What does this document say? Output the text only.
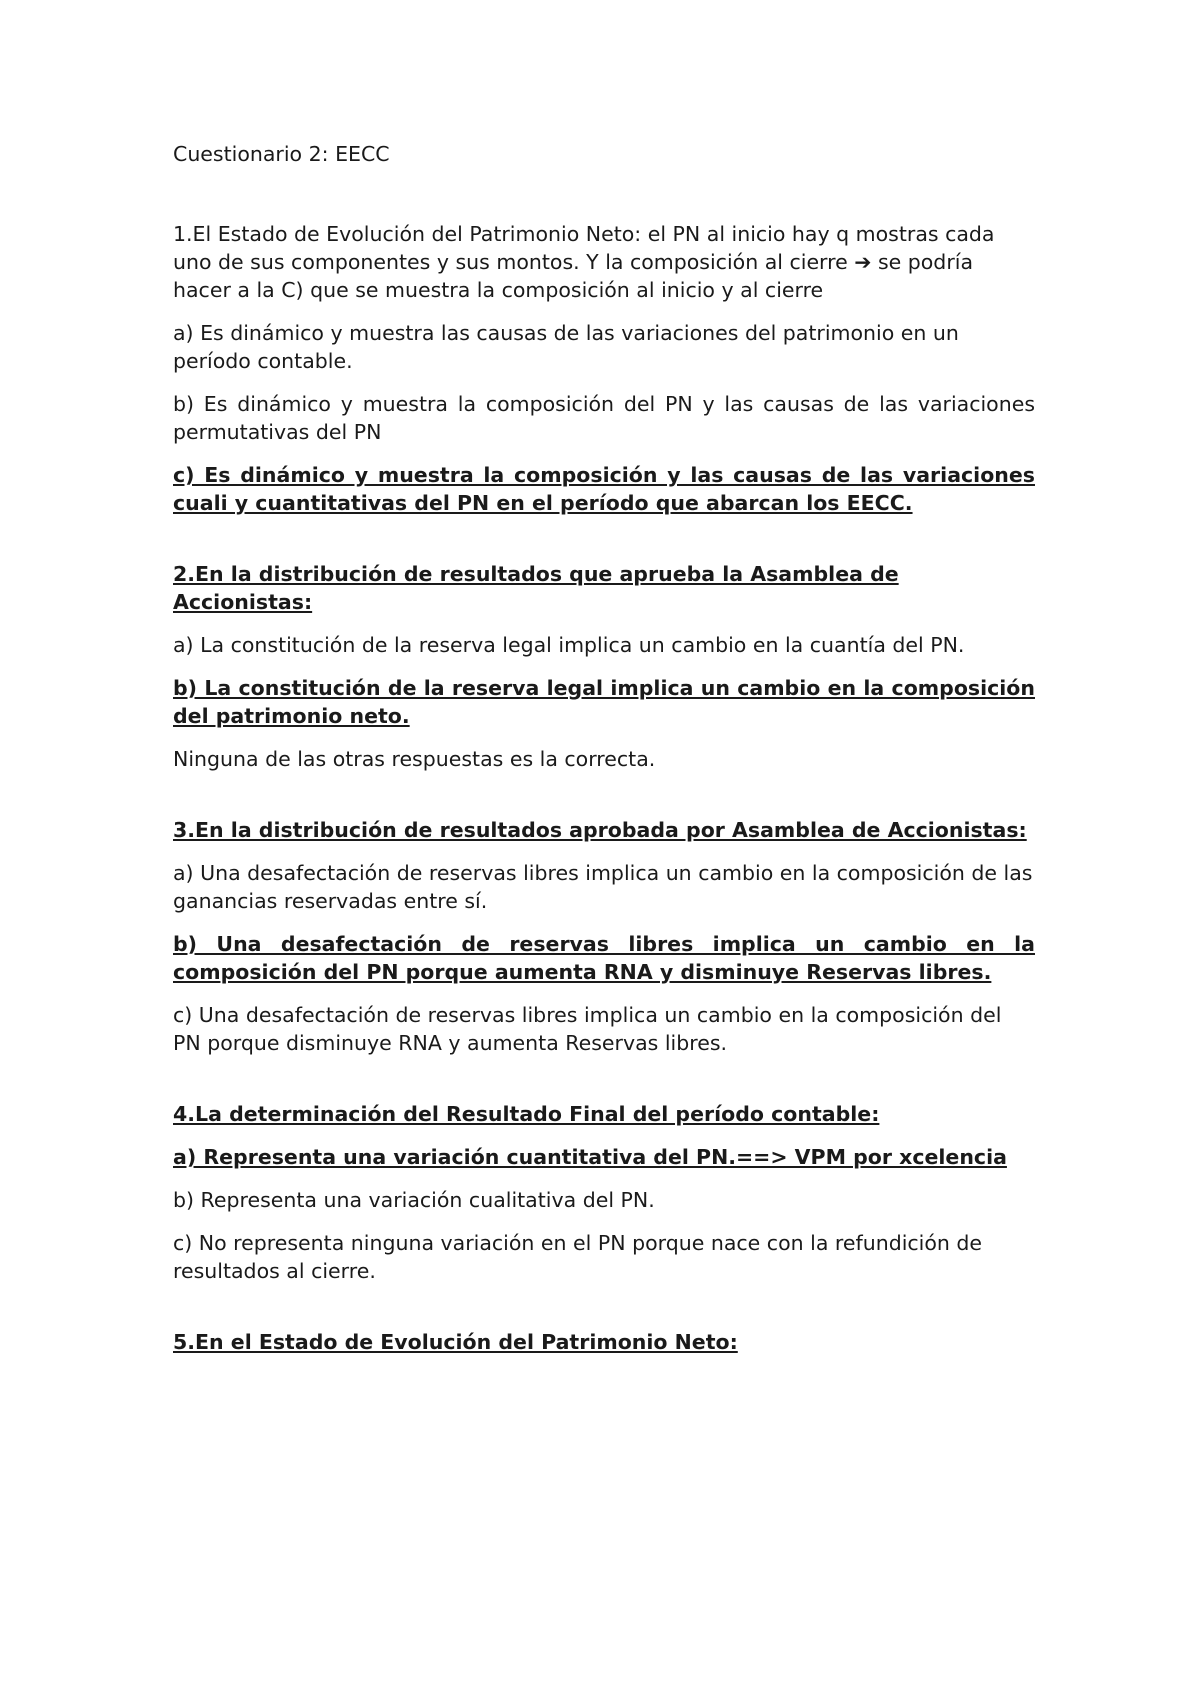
Cuestionario 2: EECC

1.El Estado de Evolución del Patrimonio Neto: el PN al inicio hay q mostras cada uno de sus componentes y sus montos. Y la composición al cierre ➔ se podría hacer a la C) que se muestra la composición al inicio y al cierre

a) Es dinámico y muestra las causas de las variaciones del patrimonio en un período contable.

b) Es dinámico y muestra la composición del PN y las causas de las variaciones permutativas del PN

c) Es dinámico y muestra la composición y las causas de las variaciones cuali y cuantitativas del PN en el período que abarcan los EECC.

2.En la distribución de resultados que aprueba la Asamblea de Accionistas:

a) La constitución de la reserva legal implica un cambio en la cuantía del PN.

b) La constitución de la reserva legal implica un cambio en la composición del patrimonio neto.

Ninguna de las otras respuestas es la correcta.

3.En la distribución de resultados aprobada por Asamblea de Accionistas:

a) Una desafectación de reservas libres implica un cambio en la composición de las ganancias reservadas entre sí.

b) Una desafectación de reservas libres implica un cambio en la composición del PN porque aumenta RNA y disminuye Reservas libres.

c) Una desafectación de reservas libres implica un cambio en la composición del PN porque disminuye RNA y aumenta Reservas libres.

4.La determinación del Resultado Final del período contable:

a) Representa una variación cuantitativa del PN.==> VPM por xcelencia

b) Representa una variación cualitativa del PN.

c) No representa ninguna variación en el PN porque nace con la refundición de resultados al cierre.

5.En el Estado de Evolución del Patrimonio Neto:
